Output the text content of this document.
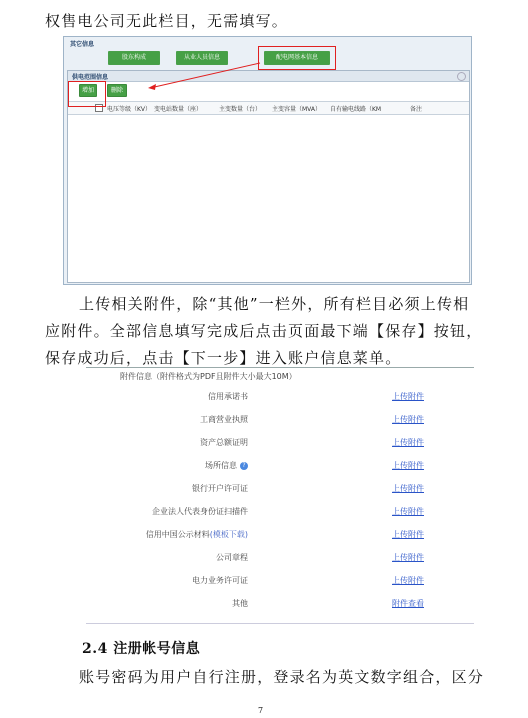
权售电公司无此栏目，无需填写。
其它信息
股东构成	从业人员信息	配电网基本信息
供电范围信息
增加	删除
电压等级（KV） 变电站数量（座）	主变数量（台） 主变容量（MVA） 自有输电线路（KM	备注
上传相关附件，除“其他”一栏外，所有栏目必须上传相
应附件。全部信息填写完成后点击页面最下端【保存】按钮，
保存成功后，点击【下一步】进入账户信息菜单。
附件信息（附件格式为PDF且附件大小最大10M）
信用承诺书	上传附件
工商营业执照	上传附件
资产总额证明	上传附件
场所信息 ?	上传附件
银行开户许可证	上传附件
企业法人代表身份证扫描件	上传附件
信用中国公示材料(模板下载)	上传附件
公司章程	上传附件
电力业务许可证	上传附件
其他	附件查看
2.4 注册帐号信息
账号密码为用户自行注册，登录名为英文数字组合，区分
7
